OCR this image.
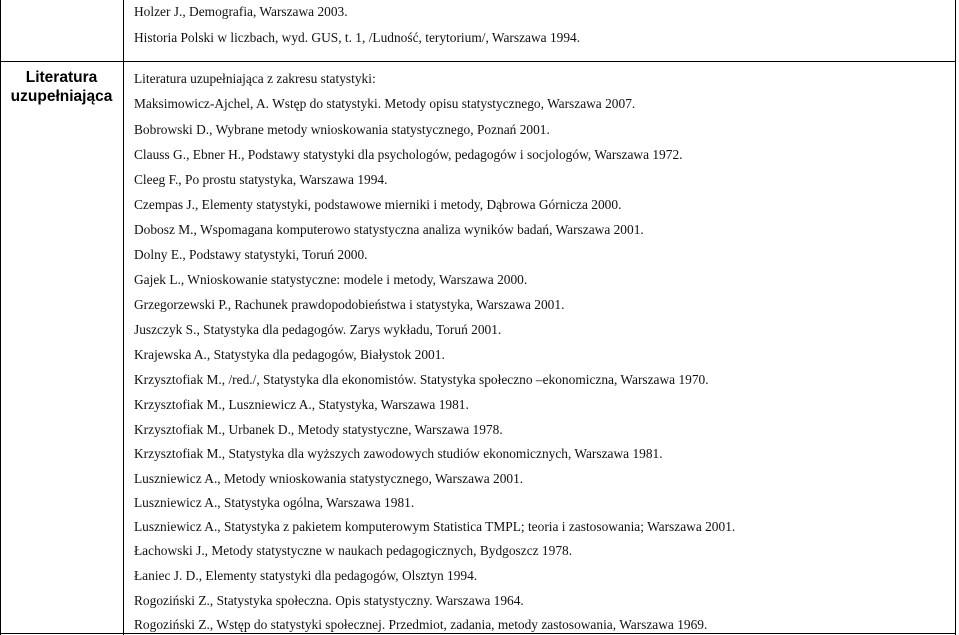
Holzer J., Demografia, Warszawa 2003.
Historia Polski w liczbach, wyd. GUS, t. 1, /Ludność, terytorium/, Warszawa 1994.
Literatura
uzupełniająca
Literatura uzupełniająca z zakresu statystyki:
Maksimowicz-Ajchel, A. Wstęp do statystyki. Metody opisu statystycznego, Warszawa 2007.
Bobrowski D., Wybrane metody wnioskowania statystycznego, Poznań 2001.
Clauss G., Ebner H., Podstawy statystyki dla psychologów, pedagogów i socjologów, Warszawa 1972.
Cleeg F., Po prostu statystyka, Warszawa 1994.
Czempas J., Elementy statystyki, podstawowe mierniki i metody, Dąbrowa Górnicza 2000.
Dobosz M., Wspomagana komputerowo statystyczna analiza wyników badań, Warszawa 2001.
Dolny E., Podstawy statystyki, Toruń 2000.
Gajek L., Wnioskowanie statystyczne: modele i metody, Warszawa 2000.
Grzegorzewski P., Rachunek prawdopodobieństwa i statystyka, Warszawa 2001.
Juszczyk S., Statystyka dla pedagogów. Zarys wykładu, Toruń 2001.
Krajewska A., Statystyka dla pedagogów, Białystok 2001.
Krzysztofiak M., /red./, Statystyka dla ekonomistów. Statystyka społeczno –ekonomiczna, Warszawa 1970.
Krzysztofiak M., Luszniewicz A., Statystyka, Warszawa 1981.
Krzysztofiak M., Urbanek D., Metody statystyczne, Warszawa 1978.
Krzysztofiak M., Statystyka dla wyższych zawodowych studiów ekonomicznych, Warszawa 1981.
Luszniewicz A., Metody wnioskowania statystycznego, Warszawa 2001.
Luszniewicz A., Statystyka ogólna, Warszawa 1981.
Luszniewicz A., Statystyka z pakietem komputerowym Statistica TMPL; teoria i zastosowania; Warszawa 2001.
Łachowski J., Metody statystyczne w naukach pedagogicznych, Bydgoszcz 1978.
Łaniec J. D., Elementy statystyki dla pedagogów, Olsztyn 1994.
Rogoziński Z., Statystyka społeczna. Opis statystyczny. Warszawa 1964.
Rogoziński Z., Wstęp do statystyki społecznej. Przedmiot, zadania, metody zastosowania, Warszawa 1969.
